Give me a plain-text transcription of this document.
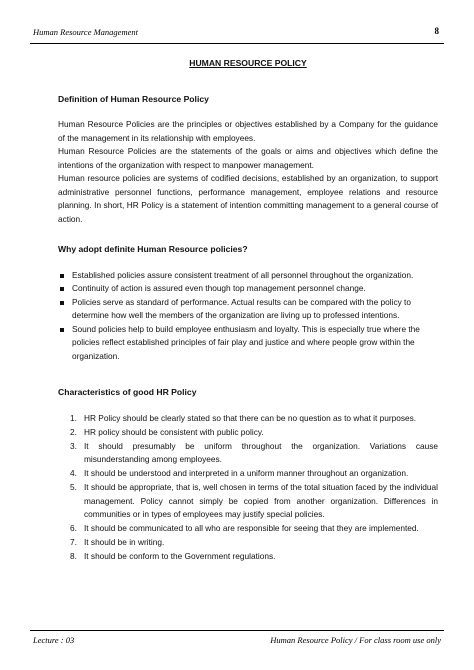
Human Resource Management	8
HUMAN RESOURCE POLICY
Definition of Human Resource Policy

Human Resource Policies are the principles or objectives established by a Company for the guidance of the management in its relationship with employees.

Human Resource Policies are the statements of the goals or aims and objectives which define the intentions of the organization with respect to manpower management.

Human resource policies are systems of codified decisions, established by an organization, to support administrative personnel functions, performance management, employee relations and resource planning. In short, HR Policy is a statement of intention committing management to a general course of action.

Why adopt definite Human Resource policies?
Established policies assure consistent treatment of all personnel throughout the organization.
Continuity of action is assured even though top management personnel change.
Policies serve as standard of performance. Actual results can be compared with the policy to determine how well the members of the organization are living up to professed intentions.
Sound policies help to build employee enthusiasm and loyalty. This is especially true where the policies reflect established principles of fair play and justice and where people grow within the organization.
Characteristics of good HR Policy
1. HR Policy should be clearly stated so that there can be no question as to what it purposes.
2. HR policy should be consistent with public policy.
3. It should presumably be uniform throughout the organization. Variations cause misunderstanding among employees.
4. It should be understood and interpreted in a uniform manner throughout an organization.
5. It should be appropriate, that is, well chosen in terms of the total situation faced by the individual management. Policy cannot simply be copied from another organization. Differences in communities or in types of employees may justify special policies.
6. It should be communicated to all who are responsible for seeing that they are implemented.
7. It should be in writing.
8. It should be conform to the Government regulations.
Lecture : 03	Human Resource Policy / For class room use only
